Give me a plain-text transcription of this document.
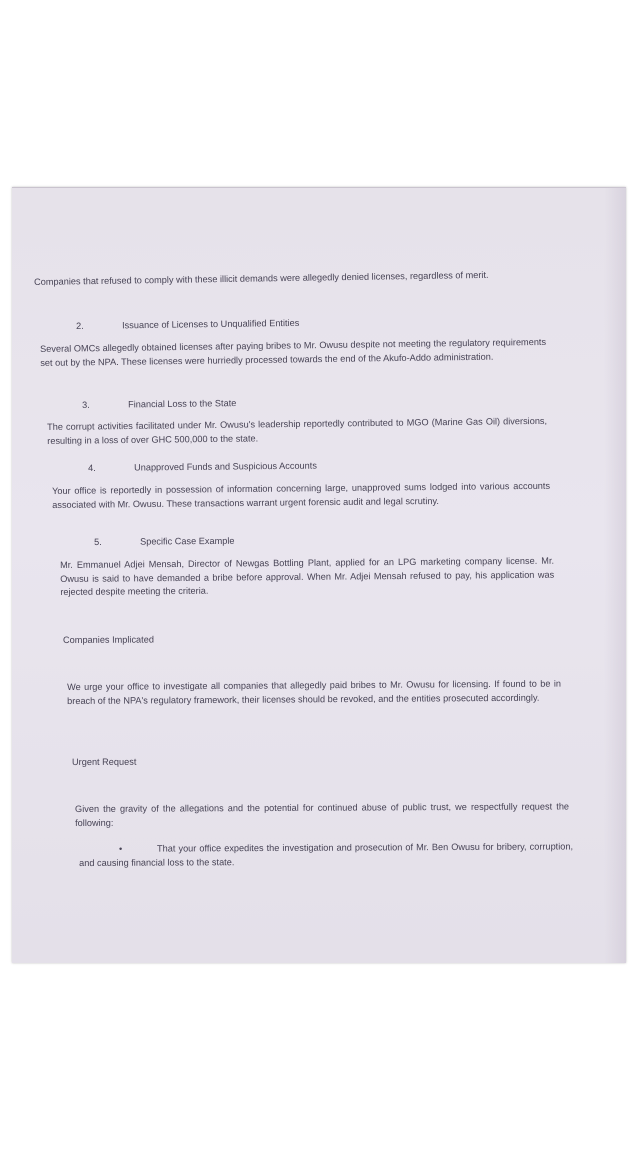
Companies that refused to comply with these illicit demands were allegedly denied licenses, regardless of merit.

2.	Issuance of Licenses to Unqualified Entities

Several OMCs allegedly obtained licenses after paying bribes to Mr. Owusu despite not meeting the regulatory requirements set out by the NPA. These licenses were hurriedly processed towards the end of the Akufo-Addo administration.

3.	Financial Loss to the State

The corrupt activities facilitated under Mr. Owusu's leadership reportedly contributed to MGO (Marine Gas Oil) diversions, resulting in a loss of over GHC 500,000 to the state.

4.	Unapproved Funds and Suspicious Accounts

Your office is reportedly in possession of information concerning large, unapproved sums lodged into various accounts associated with Mr. Owusu. These transactions warrant urgent forensic audit and legal scrutiny.

5.	Specific Case Example

Mr. Emmanuel Adjei Mensah, Director of Newgas Bottling Plant, applied for an LPG marketing company license. Mr. Owusu is said to have demanded a bribe before approval. When Mr. Adjei Mensah refused to pay, his application was rejected despite meeting the criteria.

Companies Implicated

We urge your office to investigate all companies that allegedly paid bribes to Mr. Owusu for licensing. If found to be in breach of the NPA's regulatory framework, their licenses should be revoked, and the entities prosecuted accordingly.

Urgent Request

Given the gravity of the allegations and the potential for continued abuse of public trust, we respectfully request the following:

•	That your office expedites the investigation and prosecution of Mr. Ben Owusu for bribery, corruption, and causing financial loss to the state.
